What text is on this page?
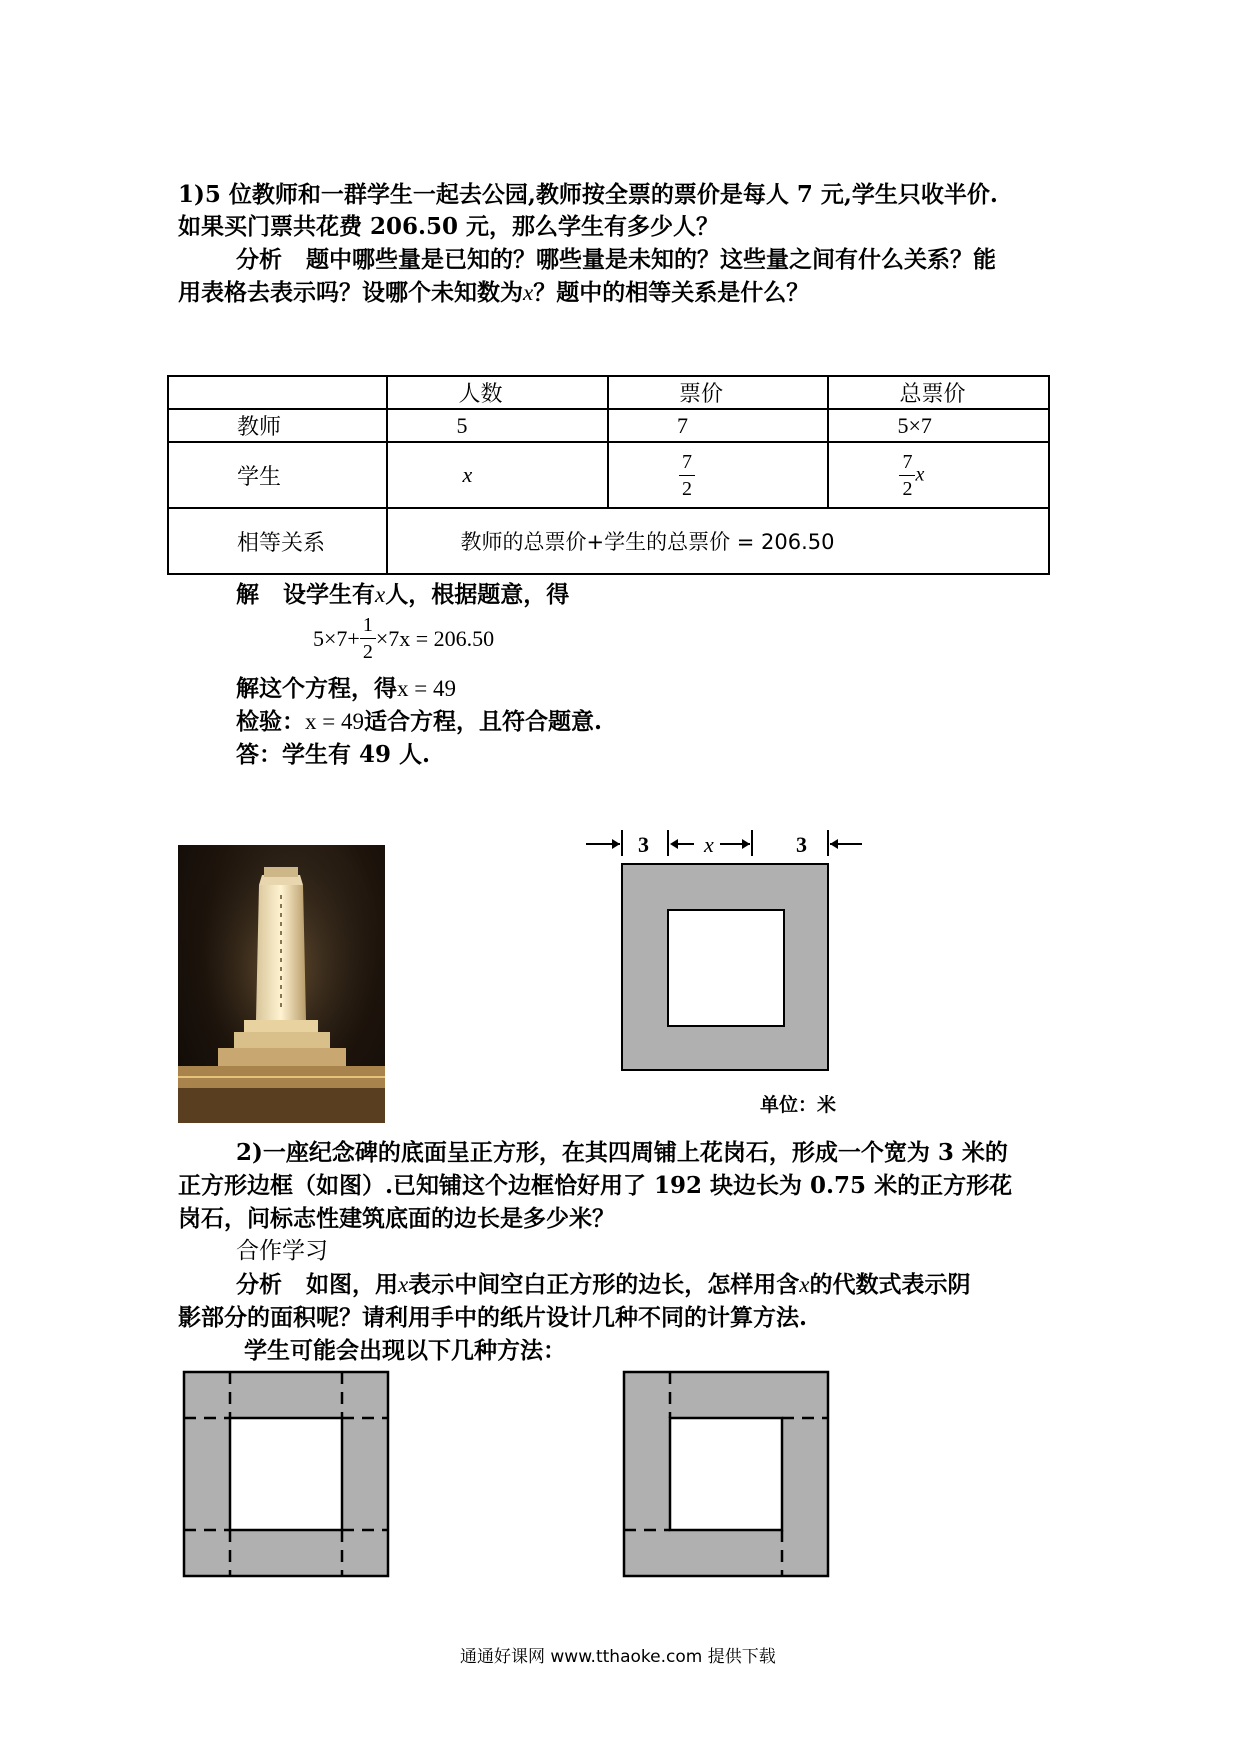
1)5 位教师和一群学生一起去公园,教师按全票的票价是每人 7 元,学生只收半价.
如果买门票共花费 206.50 元，那么学生有多少人？
分析 题中哪些量是已知的？哪些量是未知的？这些量之间有什么关系？能
用表格去表示吗？设哪个未知数为x？题中的相等关系是什么？
	人数	票价	总票价
教师	5	7	5×7
学生	x	$\frac{7}{2}$	$\frac{7}{2}$ x
相等关系	教师的总票价+学生的总票价 = 206.50		
解 设学生有x人，根据题意，得
$5\times 7+ \frac{1}{2} \times 7x = 206.50$
解这个方程，得x = 49
检验：x = 49适合方程，且符合题意.
答：学生有 49 人.
3	x	3
单位：米
2)一座纪念碑的底面呈正方形，在其四周铺上花岗石，形成一个宽为 3 米的
正方形边框（如图）.已知铺这个边框恰好用了 192 块边长为 0.75 米的正方形花
岗石，问标志性建筑底面的边长是多少米？
合作学习
分析 如图，用x表示中间空白正方形的边长，怎样用含x的代数式表示阴
影部分的面积呢？请利用手中的纸片设计几种不同的计算方法.
学生可能会出现以下几种方法：
通通好课网 www.tthaoke.com 提供下载
